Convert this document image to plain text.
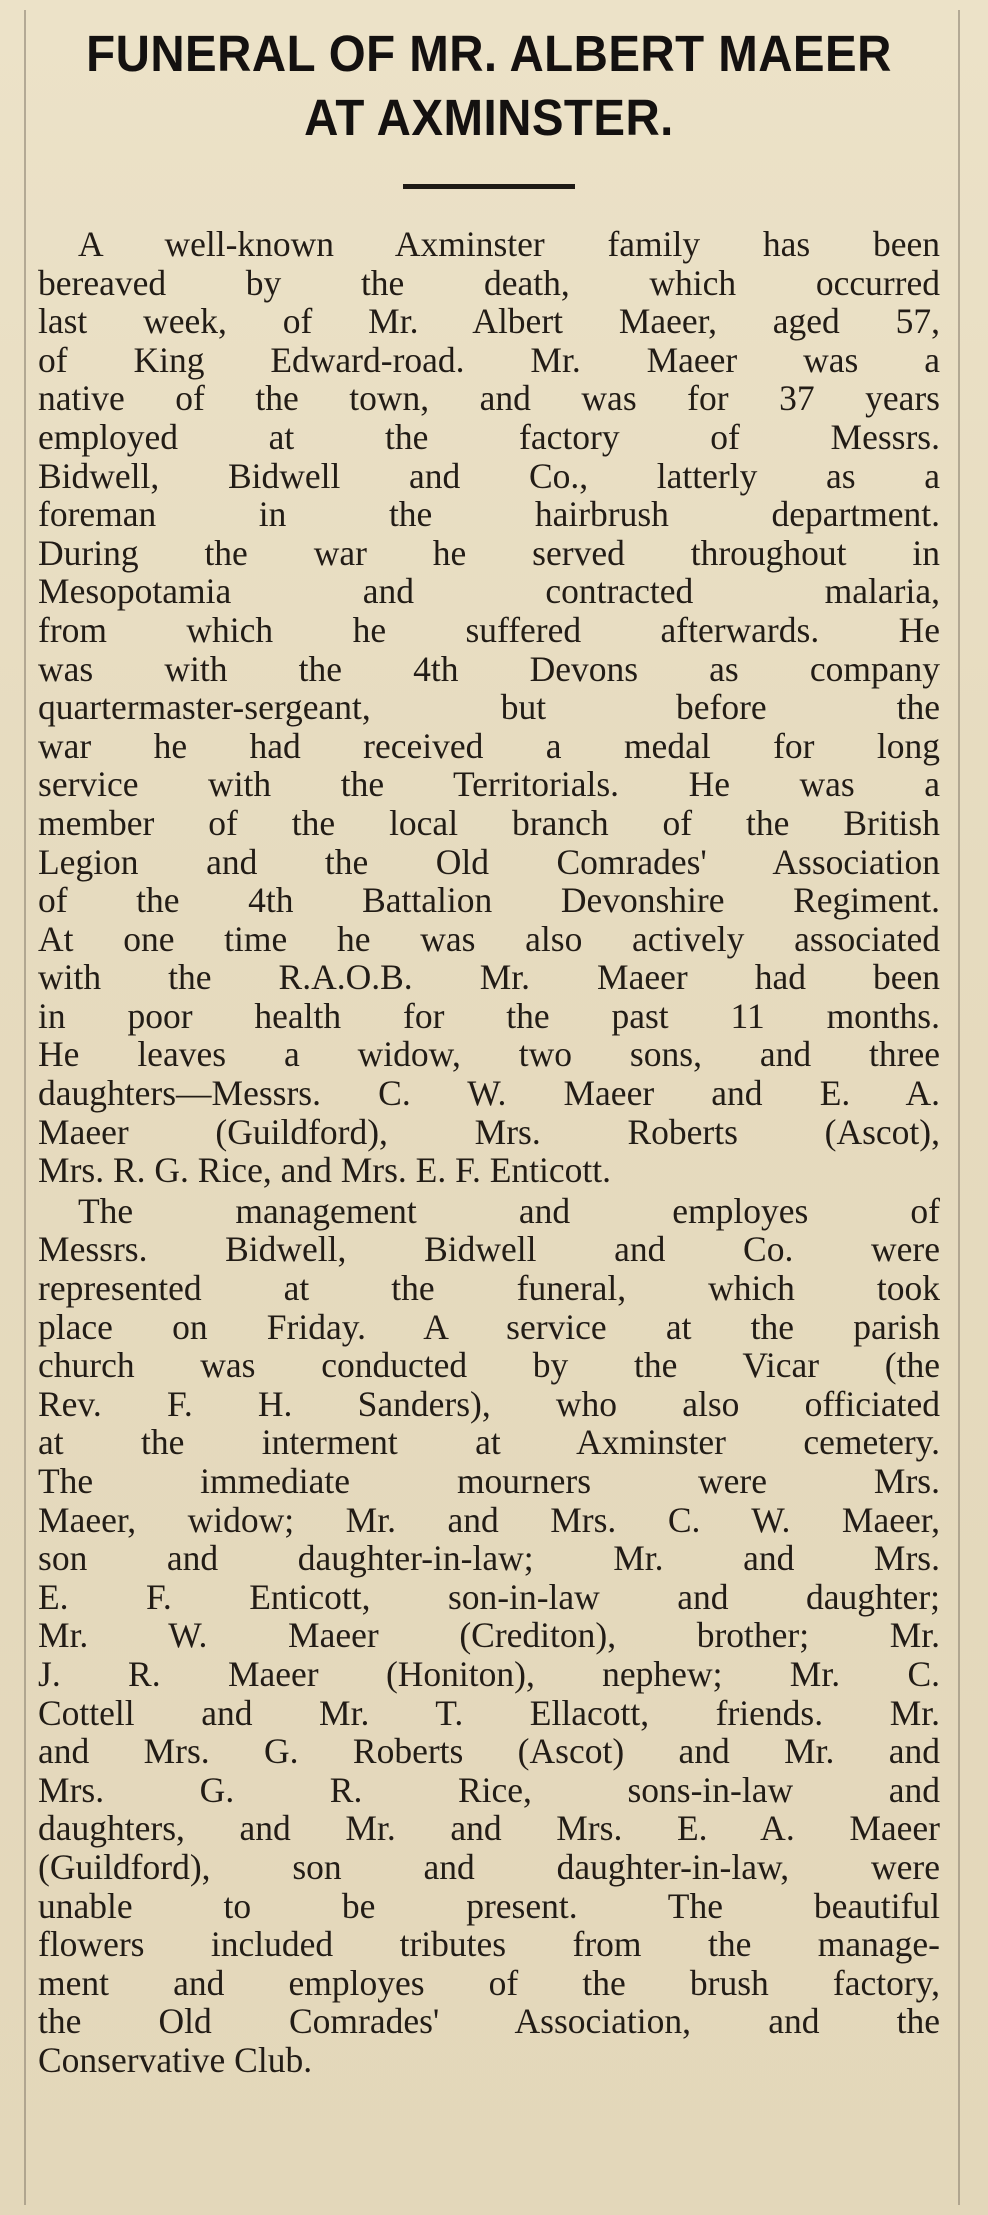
FUNERAL OF MR. ALBERT MAEER
AT AXMINSTER.
A well-known Axminster family has been
bereaved by the death, which occurred
last week, of Mr. Albert Maeer, aged 57,
of King Edward-road. Mr. Maeer was a
native of the town, and was for 37 years
employed at the factory of Messrs.
Bidwell, Bidwell and Co., latterly as a
foreman in the hairbrush department.
During the war he served throughout in
Mesopotamia and contracted malaria,
from which he suffered afterwards. He
was with the 4th Devons as company
quartermaster-sergeant, but before the
war he had received a medal for long
service with the Territorials. He was a
member of the local branch of the British
Legion and the Old Comrades' Association
of the 4th Battalion Devonshire Regiment.
At one time he was also actively associated
with the R.A.O.B. Mr. Maeer had been
in poor health for the past 11 months.
He leaves a widow, two sons, and three
daughters—Messrs. C. W. Maeer and E. A.
Maeer (Guildford), Mrs. Roberts (Ascot),
Mrs. R. G. Rice, and Mrs. E. F. Enticott.
The management and employes of
Messrs. Bidwell, Bidwell and Co. were
represented at the funeral, which took
place on Friday. A service at the parish
church was conducted by the Vicar (the
Rev. F. H. Sanders), who also officiated
at the interment at Axminster cemetery.
The immediate mourners were Mrs.
Maeer, widow; Mr. and Mrs. C. W. Maeer,
son and daughter-in-law; Mr. and Mrs.
E. F. Enticott, son-in-law and daughter;
Mr. W. Maeer (Crediton), brother; Mr.
J. R. Maeer (Honiton), nephew; Mr. C.
Cottell and Mr. T. Ellacott, friends. Mr.
and Mrs. G. Roberts (Ascot) and Mr. and
Mrs. G. R. Rice, sons-in-law and
daughters, and Mr. and Mrs. E. A. Maeer
(Guildford), son and daughter-in-law, were
unable to be present. The beautiful
flowers included tributes from the manage-
ment and employes of the brush factory,
the Old Comrades' Association, and the
Conservative Club.
